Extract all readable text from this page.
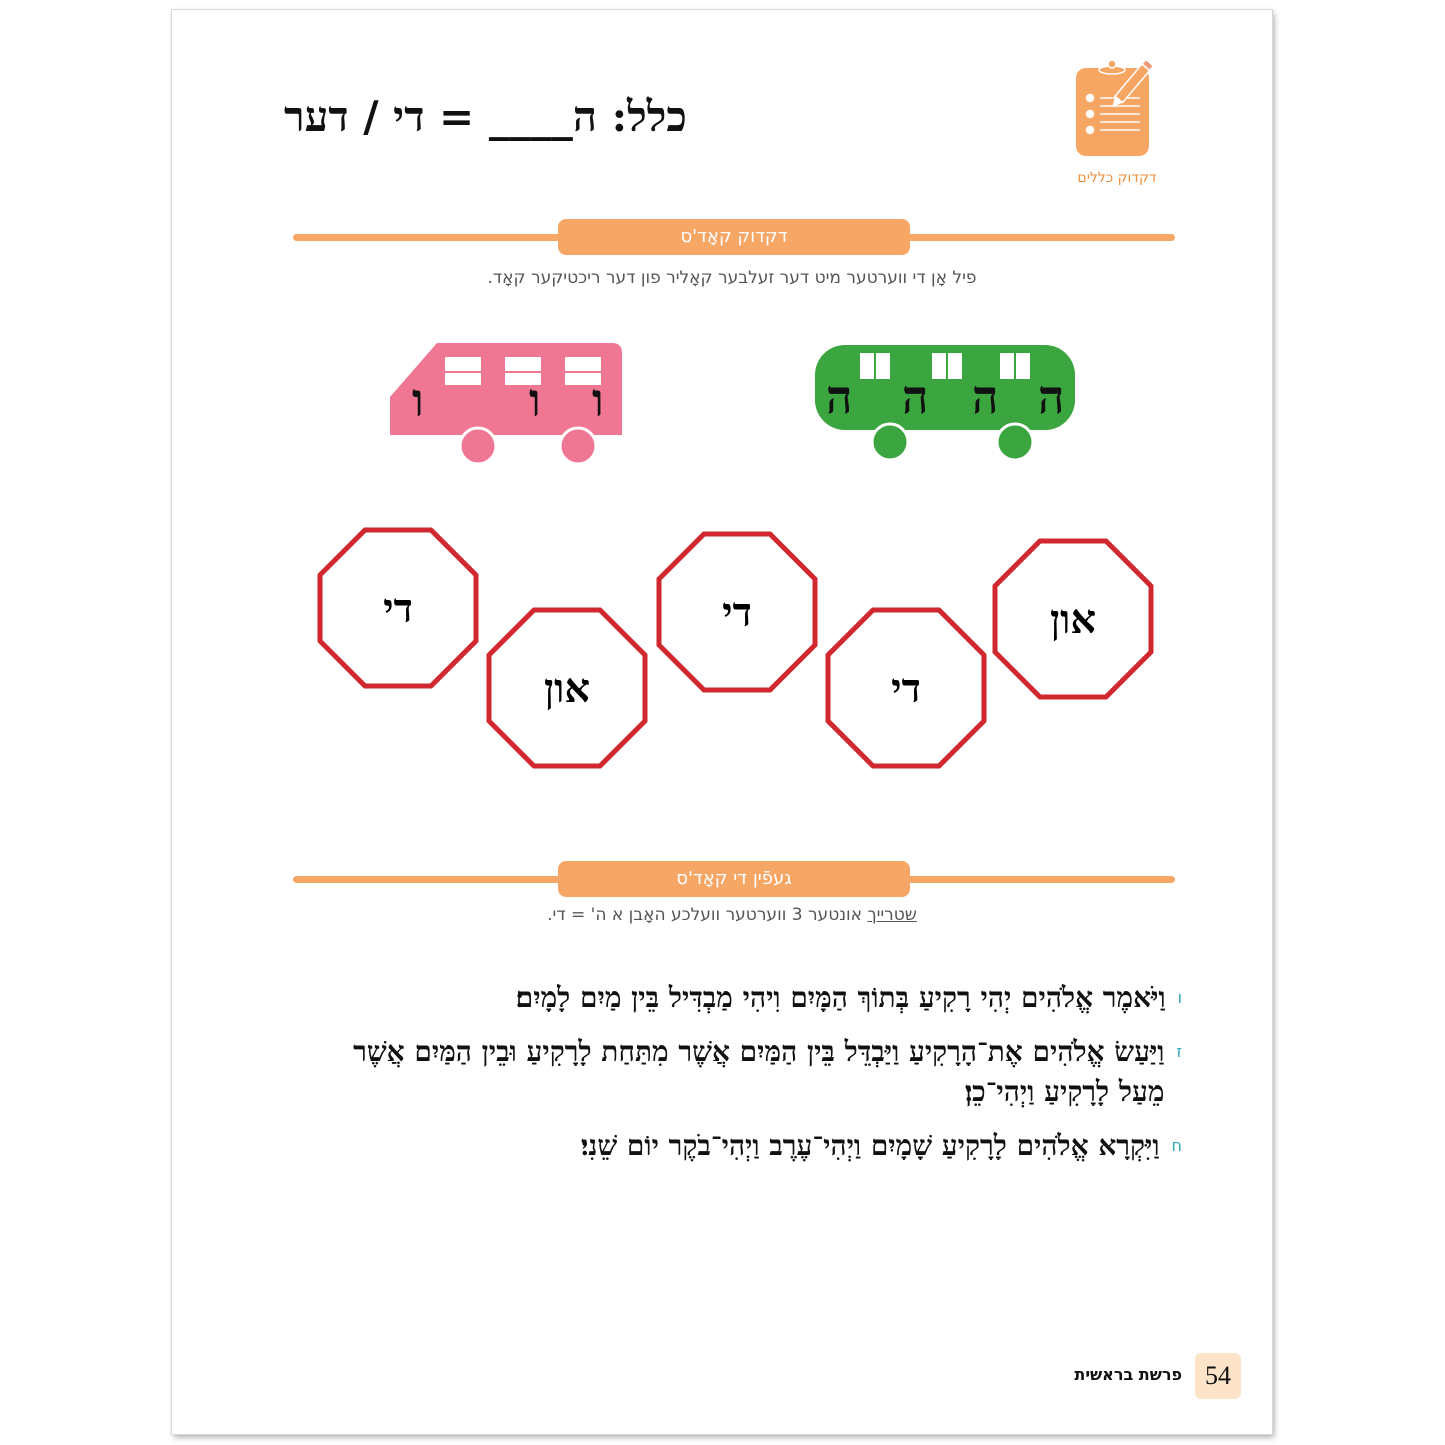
כלל: ה____ = די / דער
דקדוק כללים
דקדוק קאָד'ס
פיל אָן די ווערטער מיט דער זעלבער קאָליר פון דער ריכטיקער קאָד.
ו ו ו	ה ה ה ה
די
און
די
די
און
געפֿין די קאָד'ס
שטרייך אונטער 3 ווערטער וועלכע האָבן א ה' = די.
ו
וַיֹּאמֶר אֱלֹהִים יְהִי רָקִיעַ בְּתוֹךְ הַמָּיִם וִיהִי מַבְדִּיל בֵּין מַיִם לָמָיִם׃
ז
וַיַּעַשׂ אֱלֹהִים אֶת־הָרָקִיעַ וַיַּבְדֵּל בֵּין הַמַּיִם אֲשֶׁר מִתַּחַת לָרָקִיעַ וּבֵין הַמַּיִם אֲשֶׁר מֵעַל לָרָקִיעַ וַיְהִי־כֵן׃
ח
וַיִּקְרָא אֱלֹהִים לָרָקִיעַ שָׁמָיִם וַיְהִי־עֶרֶב וַיְהִי־בֹקֶר יוֹם שֵׁנִי׃
פרשת בראשית 54
